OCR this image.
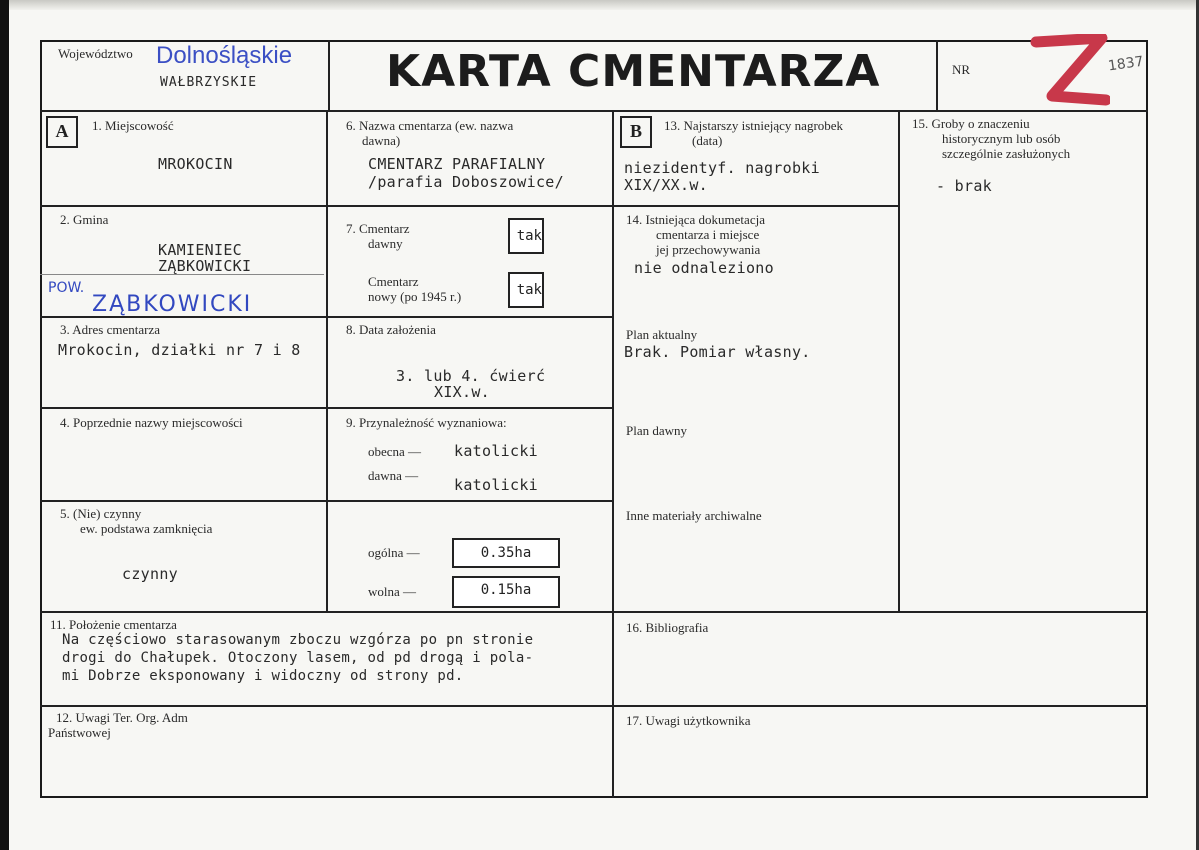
Województwo Dolnośląskie
WAŁBRZYSKIE	KARTA CMENTARZA	NR	1837
A	1. Miejscowość
MROKOCIN
2. Gmina
KAMIENIEC
ZĄBKOWICKI
POW.
ZĄBKOWICKI
3. Adres cmentarza
Mrokocin, działki nr 7 i 8
4. Poprzednie nazwy miejscowości
5. (Nie) czynny
ew. podstawa zamknięcia
czynny
6. Nazwa cmentarza (ew. nazwa
dawna)
CMENTARZ PARAFIALNY
/parafia Doboszowice/
7. Cmentarz
dawny	tak
Cmentarz
nowy (po 1945 r.)	tak
8. Data założenia
3. lub 4. ćwierć
XIX.w.
9. Przynależność wyznaniowa:
obecna — katolicki
dawna —
katolicki
ogólna —	0.35ha
wolna —	0.15ha
B	13. Najstarszy istniejący nagrobek
(data)
niezidentyf. nagrobki
XIX/XX.w.
14. Istniejąca dokumetacja
cmentarza i miejsce
jej przechowywania
nie odnaleziono
Plan aktualny
Brak. Pomiar własny.
Plan dawny
Inne materiały archiwalne
15. Groby o znaczeniu
historycznym lub osób
szczególnie zasłużonych
- brak
11. Położenie cmentarza
Na częściowo starasowanym zboczu wzgórza po pn stronie
drogi do Chałupek. Otoczony lasem, od pd drogą i pola-
mi Dobrze eksponowany i widoczny od strony pd.
12. Uwagi Ter. Org. Adm
Państwowej
16. Bibliografia
17. Uwagi użytkownika
